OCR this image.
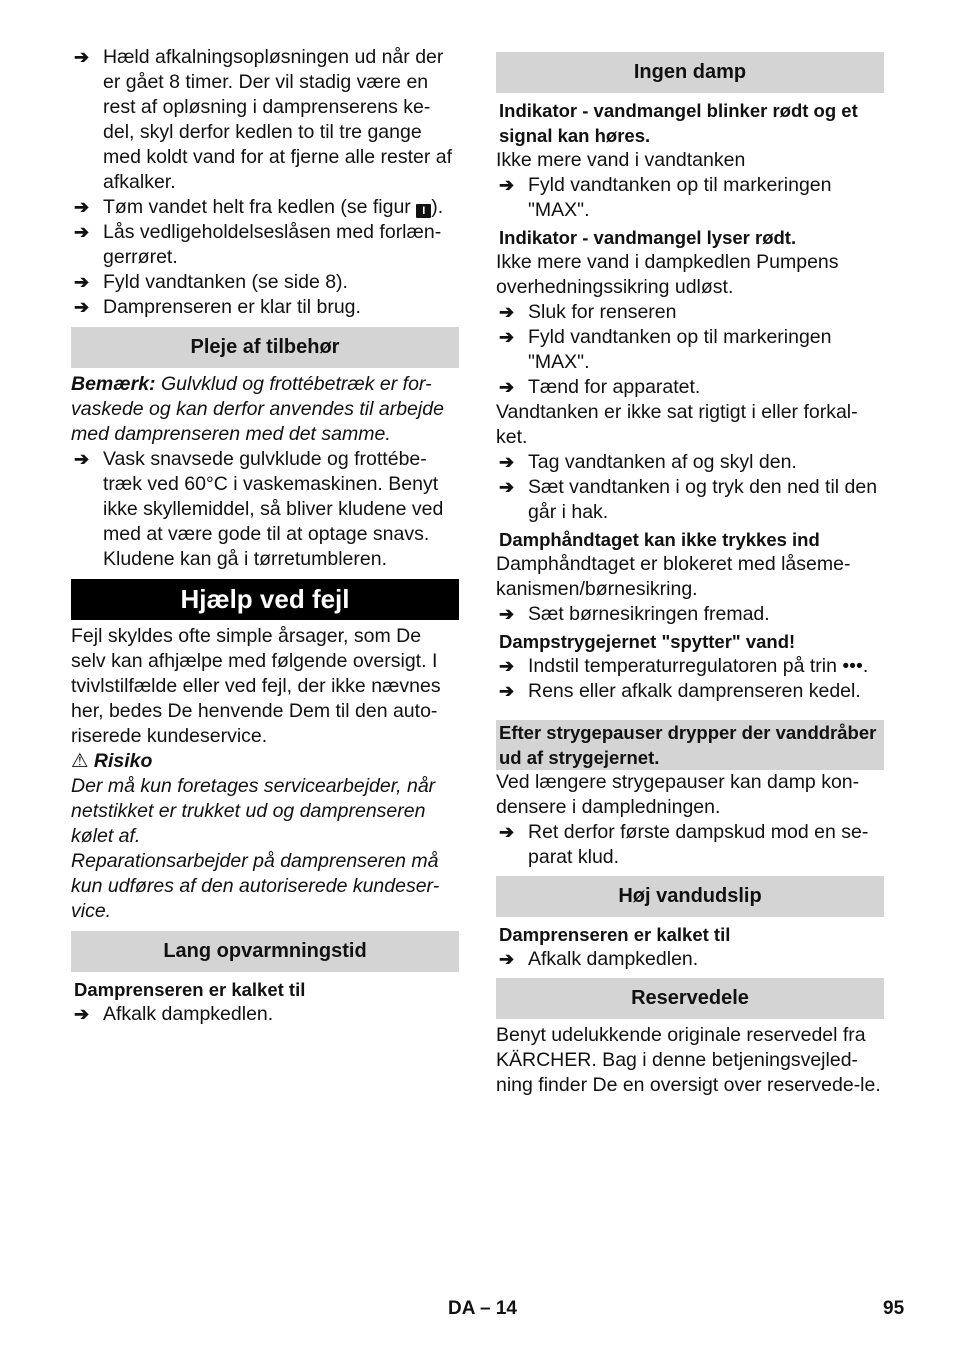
➔ Hæld afkalningsopløsningen ud når der er gået 8 timer. Der vil stadig være en rest af opløsning i damprenserens ke-del, skyl derfor kedlen to til tre gange med koldt vand for at fjerne alle rester af afkalker.
➔ Tøm vandet helt fra kedlen (se figur I ).
➔ Lås vedligeholdelseslåsen med forlæn-gerrøret.
➔ Fyld vandtanken (se side 8).
➔ Damprenseren er klar til brug.
Pleje af tilbehør

Bemærk: Gulvklud og frottébetræk er for-vaskede og kan derfor anvendes til arbejde med damprenseren med det samme.

➔ Vask snavsede gulvklude og frottébe-træk ved 60°C i vaskemaskinen. Benyt ikke skyllemiddel, så bliver kludene ved med at være gode til at optage snavs. Kludene kan gå i tørretumbleren.
Hjælp ved fejl

Fejl skyldes ofte simple årsager, som De selv kan afhjælpe med følgende oversigt. I tvivlstilfælde eller ved fejl, der ikke nævnes her, bedes De henvende Dem til den auto-riserede kundeservice.

⚠ Risiko

Der må kun foretages servicearbejder, når netstikket er trukket ud og damprenseren kølet af.

Reparationsarbejder på damprenseren må kun udføres af den autoriserede kundeser-vice.

Lang opvarmningstid
Damprenseren er kalket til
➔ Afkalk dampkedlen.
Ingen damp
Indikator - vandmangel blinker rødt og et signal kan høres.

Ikke mere vand i vandtanken

➔ Fyld vandtanken op til markeringen "MAX".
Indikator - vandmangel lyser rødt.

Ikke mere vand i dampkedlen Pumpens overhedningssikring udløst.

➔ Sluk for renseren
➔ Fyld vandtanken op til markeringen "MAX".
➔ Tænd for apparatet.

Vandtanken er ikke sat rigtigt i eller forkal-ket.

➔ Tag vandtanken af og skyl den.
➔ Sæt vandtanken i og tryk den ned til den går i hak.
Damphåndtaget kan ikke trykkes ind

Damphåndtaget er blokeret med låseme-kanismen/børnesikring.

➔ Sæt børnesikringen fremad.
Dampstrygejernet "spytter" vand!
➔ Indstil temperaturregulatoren på trin •••.
➔ Rens eller afkalk damprenseren kedel.
Efter strygepauser drypper der vanddråber ud af strygejernet.

Ved længere strygepauser kan damp kon-densere i dampledningen.

➔ Ret derfor første dampskud mod en se-parat klud.
Høj vandudslip
Damprenseren er kalket til
➔ Afkalk dampkedlen.
Reservedele

Benyt udelukkende originale reservedel fra KÄRCHER. Bag i denne betjeningsvejled-ning finder De en oversigt over reservede-le.

DA – 14	95
